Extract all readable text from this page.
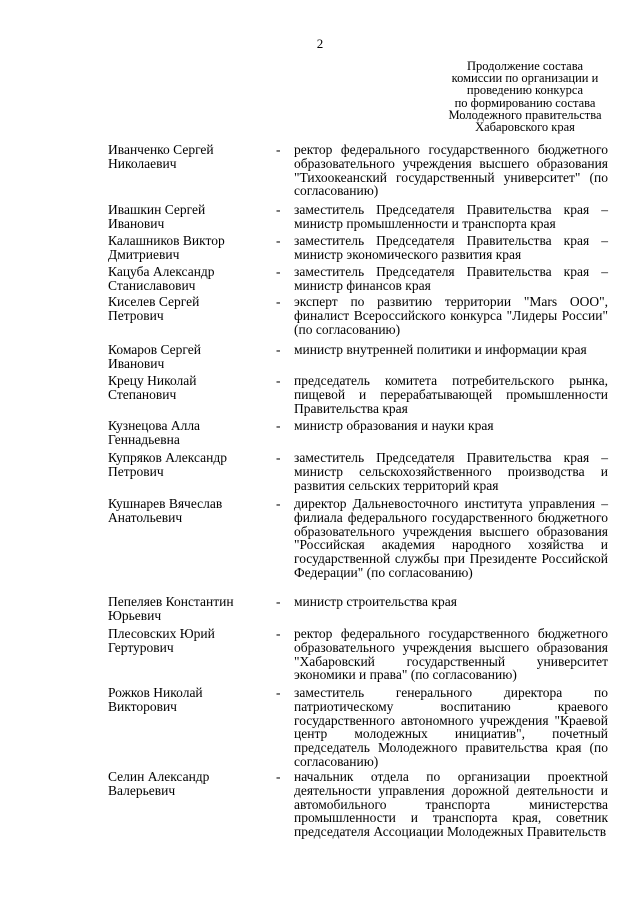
2
Продолжение состава
комиссии по организации и
проведению конкурса
по формированию состава
Молодежного правительства
Хабаровского края
Иванченко Сергей
Николаевич
- ректор федерального государственного бюджетного образовательного учреждения высшего образования "Тихоокеанский государственный университет" (по согласованию)
Ивашкин Сергей
Иванович
- заместитель Председателя Правительства края – министр промышленности и транспорта края
Калашников Виктор
Дмитриевич
- заместитель Председателя Правительства края – министр экономического развития края
Кацуба Александр
Станиславович
- заместитель Председателя Правительства края – министр финансов края
Киселев Сергей
Петрович
- эксперт по развитию территории "Mars ООО", финалист Всероссийского конкурса "Лидеры России" (по согласованию)
Комаров Сергей
Иванович
- министр внутренней политики и информации края
Крецу Николай
Степанович
- председатель комитета потребительского рынка, пищевой и перерабатывающей промышленности Правительства края
Кузнецова Алла
Геннадьевна
- министр образования и науки края
Купряков Александр
Петрович
- заместитель Председателя Правительства края – министр сельскохозяйственного производства и развития сельских территорий края
Кушнарев Вячеслав
Анатольевич
- директор Дальневосточного института управления – филиала федерального государственного бюджетного образовательного учреждения высшего образования "Российская академия народного хозяйства и государственной службы при Президенте Российской Федерации" (по согласованию)
Пепеляев Константин
Юрьевич
- министр строительства края
Плесовских Юрий
Гертурович
- ректор федерального государственного бюджетного образовательного учреждения высшего образования "Хабаровский государственный университет экономики и права" (по согласованию)
Рожков Николай
Викторович
- заместитель генерального директора по патриотическому воспитанию краевого государственного автономного учреждения "Краевой центр молодежных инициатив", почетный председатель Молодежного правительства края (по согласованию)
Селин Александр
Валерьевич
- начальник отдела по организации проектной деятельности управления дорожной деятельности и автомобильного транспорта министерства промышленности и транспорта края, советник председателя Ассоциации Молодежных Правительств
